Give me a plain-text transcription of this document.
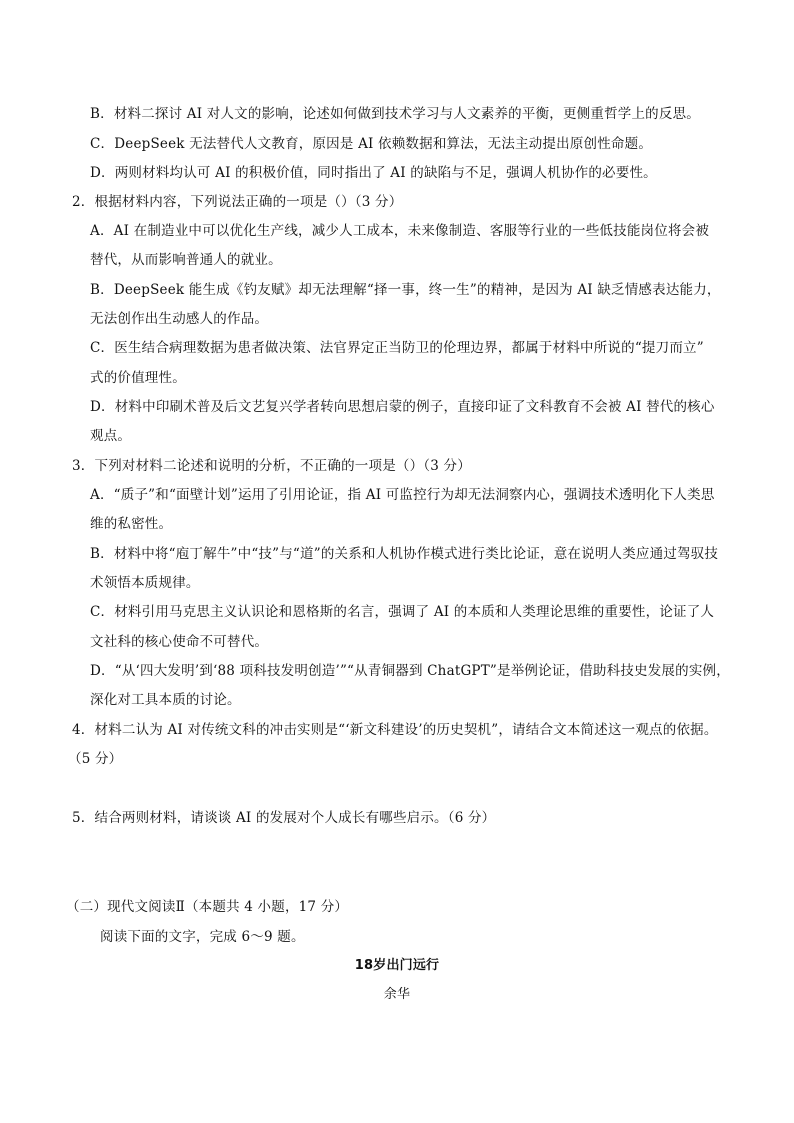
B．材料二探讨 AI 对人文的影响，论述如何做到技术学习与人文素养的平衡，更侧重哲学上的反思。
C．DeepSeek 无法替代人文教育，原因是 AI 依赖数据和算法，无法主动提出原创性命题。
D．两则材料均认可 AI 的积极价值，同时指出了 AI 的缺陷与不足，强调人机协作的必要性。
2．根据材料内容，下列说法正确的一项是（）（3 分）
A．AI 在制造业中可以优化生产线，减少人工成本，未来像制造、客服等行业的一些低技能岗位将会被
替代，从而影响普通人的就业。
B．DeepSeek 能生成《钓友赋》却无法理解“择一事，终一生”的精神，是因为 AI 缺乏情感表达能力，
无法创作出生动感人的作品。
C．医生结合病理数据为患者做决策、法官界定正当防卫的伦理边界，都属于材料中所说的“提刀而立”
式的价值理性。
D．材料中印刷术普及后文艺复兴学者转向思想启蒙的例子，直接印证了文科教育不会被 AI 替代的核心
观点。
3．下列对材料二论述和说明的分析，不正确的一项是（）（3 分）
A．“质子”和“面壁计划”运用了引用论证，指 AI 可监控行为却无法洞察内心，强调技术透明化下人类思
维的私密性。
B．材料中将“庖丁解牛”中“技”与“道”的关系和人机协作模式进行类比论证，意在说明人类应通过驾驭技
术领悟本质规律。
C．材料引用马克思主义认识论和恩格斯的名言，强调了 AI 的本质和人类理论思维的重要性，论证了人
文社科的核心使命不可替代。
D．“从‘四大发明’到‘88 项科技发明创造’”“从青铜器到 ChatGPT”是举例论证，借助科技史发展的实例，
深化对工具本质的讨论。
4．材料二认为 AI 对传统文科的冲击实则是“‘新文科建设’的历史契机”，请结合文本简述这一观点的依据。
（5 分）
5．结合两则材料，请谈谈 AI 的发展对个人成长有哪些启示。（6 分）
（二）现代文阅读Ⅱ（本题共 4 小题，17 分）
阅读下面的文字，完成 6～9 题。
18岁出门远行
余华
